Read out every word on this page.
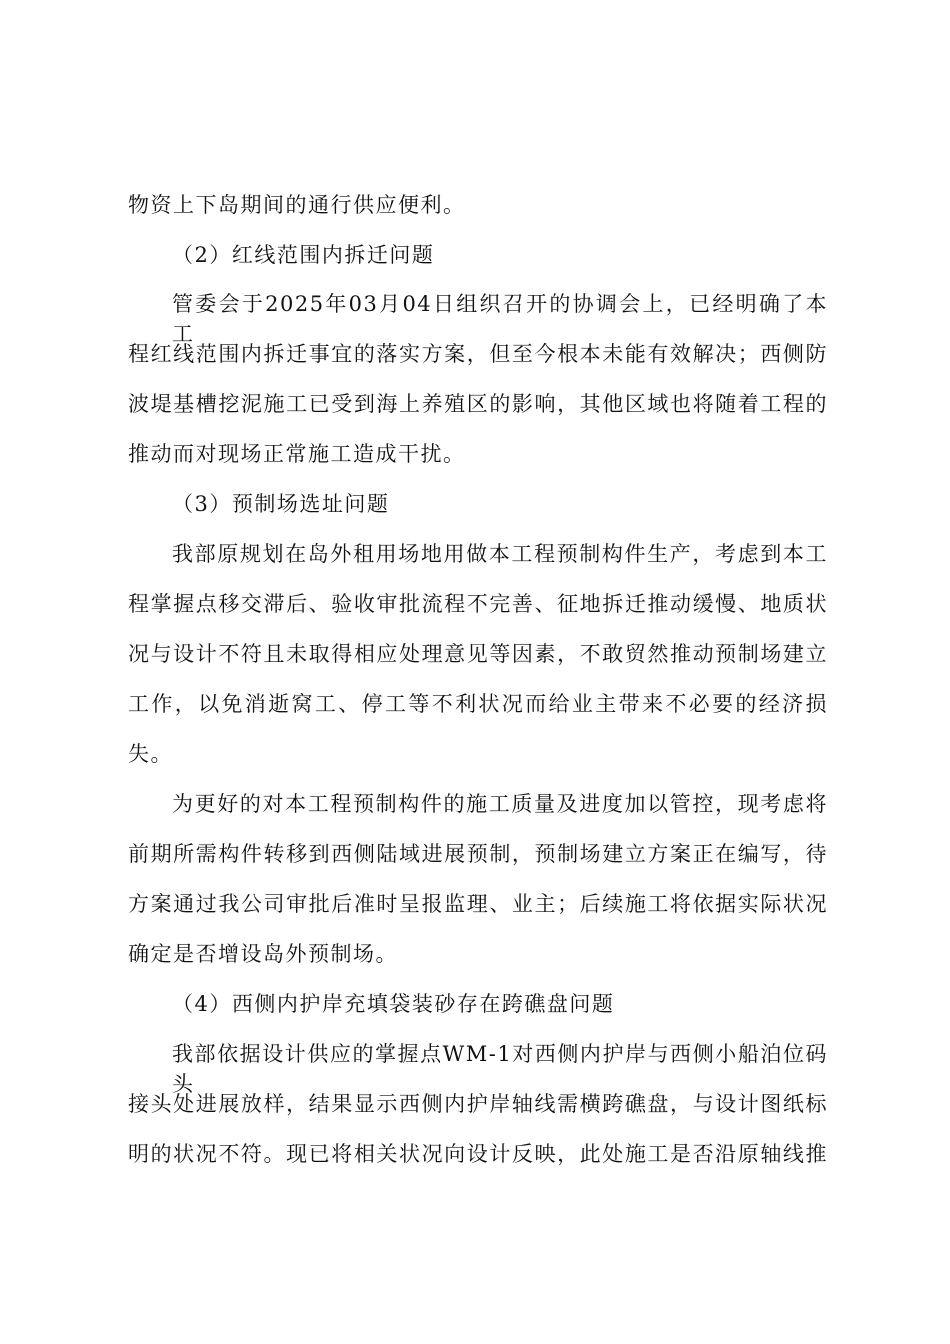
物资上下岛期间的通行供应便利。
（2）红线范围内拆迁问题
管委会于2025年03月04日组织召开的协调会上，已经明确了本工
程红线范围内拆迁事宜的落实方案，但至今根本未能有效解决；西侧防
波堤基槽挖泥施工已受到海上养殖区的影响，其他区域也将随着工程的
推动而对现场正常施工造成干扰。
（3）预制场选址问题
我部原规划在岛外租用场地用做本工程预制构件生产，考虑到本工
程掌握点移交滞后、验收审批流程不完善、征地拆迁推动缓慢、地质状
况与设计不符且未取得相应处理意见等因素，不敢贸然推动预制场建立
工作，以免消逝窝工、停工等不利状况而给业主带来不必要的经济损
失。
为更好的对本工程预制构件的施工质量及进度加以管控，现考虑将
前期所需构件转移到西侧陆域进展预制，预制场建立方案正在编写，待
方案通过我公司审批后准时呈报监理、业主；后续施工将依据实际状况
确定是否增设岛外预制场。
（4）西侧内护岸充填袋装砂存在跨礁盘问题
我部依据设计供应的掌握点WM-1对西侧内护岸与西侧小船泊位码头
接头处进展放样，结果显示西侧内护岸轴线需横跨礁盘，与设计图纸标
明的状况不符。现已将相关状况向设计反映，此处施工是否沿原轴线推
